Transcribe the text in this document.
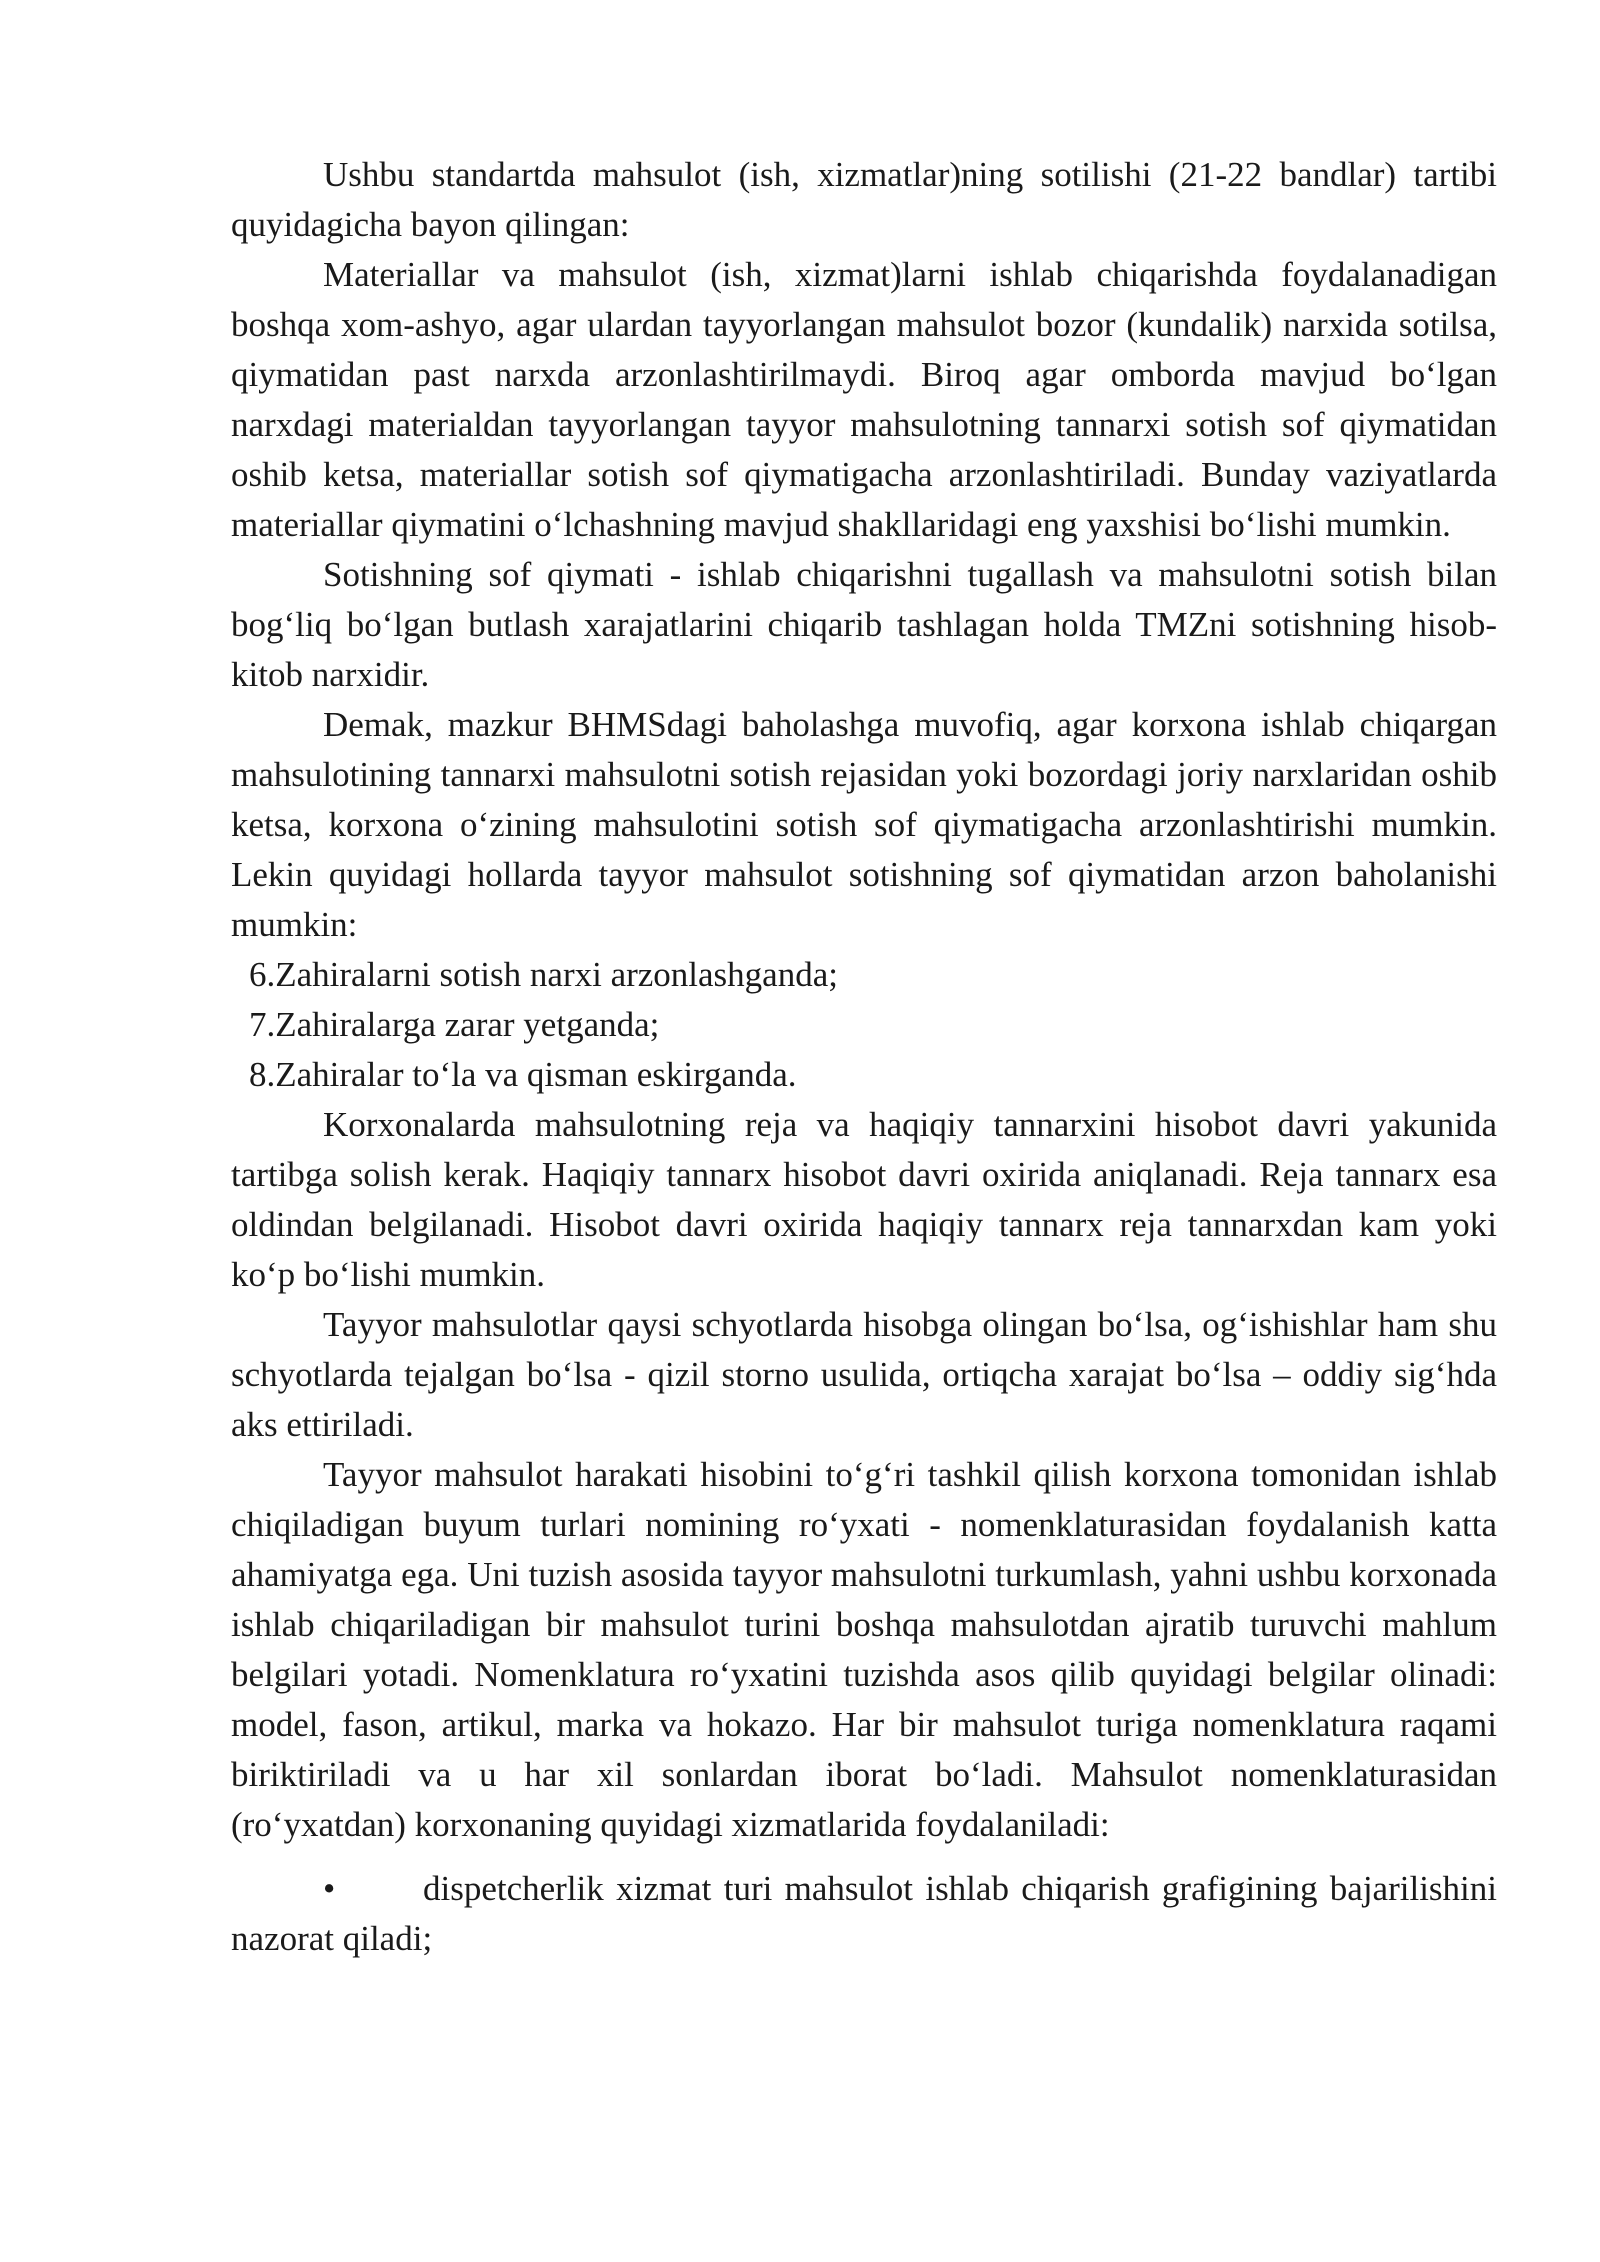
Ushbu standartda mahsulot (ish, xizmatlar)ning sotilishi (21-22 bandlar) tartibi quyidagicha bayon qilingan:

Materiallar va mahsulot (ish, xizmat)larni ishlab chiqarishda foydalanadigan boshqa xom-ashyo, agar ulardan tayyorlangan mahsulot bozor (kundalik) narxida sotilsa, qiymatidan past narxda arzonlashtirilmaydi. Biroq agar omborda mavjud bo‘lgan narxdagi materialdan tayyorlangan tayyor mahsulotning tannarxi sotish sof qiymatidan oshib ketsa, materiallar sotish sof qiymatigacha arzonlashtiriladi. Bunday vaziyatlarda materiallar qiymatini o‘lchashning mavjud shakllaridagi eng yaxshisi bo‘lishi mumkin.

Sotishning sof qiymati - ishlab chiqarishni tugallash va mahsulotni sotish bilan bog‘liq bo‘lgan butlash xarajatlarini chiqarib tashlagan holda TMZni sotishning hisob-kitob narxidir.

Demak, mazkur BHMSdagi baholashga muvofiq, agar korxona ishlab chiqargan mahsulotining tannarxi mahsulotni sotish rejasidan yoki bozordagi joriy narxlaridan oshib ketsa, korxona o‘zining mahsulotini sotish sof qiymatigacha arzonlashtirishi mumkin. Lekin quyidagi hollarda tayyor mahsulot sotishning sof qiymatidan arzon baholanishi mumkin:

6.Zahiralarni sotish narxi arzonlashganda;
7.Zahiralarga zarar yetganda;
8.Zahiralar to‘la va qisman eskirganda.

Korxonalarda mahsulotning reja va haqiqiy tannarxini hisobot davri yakunida tartibga solish kerak. Haqiqiy tannarx hisobot davri oxirida aniqlanadi. Reja tannarx esa oldindan belgilanadi. Hisobot davri oxirida haqiqiy tannarx reja tannarxdan kam yoki ko‘p bo‘lishi mumkin.

Tayyor mahsulotlar qaysi schyotlarda hisobga olingan bo‘lsa, og‘ishishlar ham shu schyotlarda tejalgan bo‘lsa - qizil storno usulida, ortiqcha xarajat bo‘lsa – oddiy sig‘hda aks ettiriladi.

Tayyor mahsulot harakati hisobini to‘g‘ri tashkil qilish korxona tomonidan ishlab chiqiladigan buyum turlari nomining ro‘yxati - nomenklaturasidan foydalanish katta ahamiyatga ega. Uni tuzish asosida tayyor mahsulotni turkumlash, yahni ushbu korxonada ishlab chiqariladigan bir mahsulot turini boshqa mahsulotdan ajratib turuvchi mahlum belgilari yotadi. Nomenklatura ro‘yxatini tuzishda asos qilib quyidagi belgilar olinadi: model, fason, artikul, marka va hokazo. Har bir mahsulot turiga nomenklatura raqami biriktiriladi va u har xil sonlardan iborat bo‘ladi. Mahsulot nomenklaturasidan (ro‘yxatdan) korxonaning quyidagi xizmatlarida foydalaniladi:

•	dispetcherlik xizmat turi mahsulot ishlab chiqarish grafigining bajarilishini nazorat qiladi;
